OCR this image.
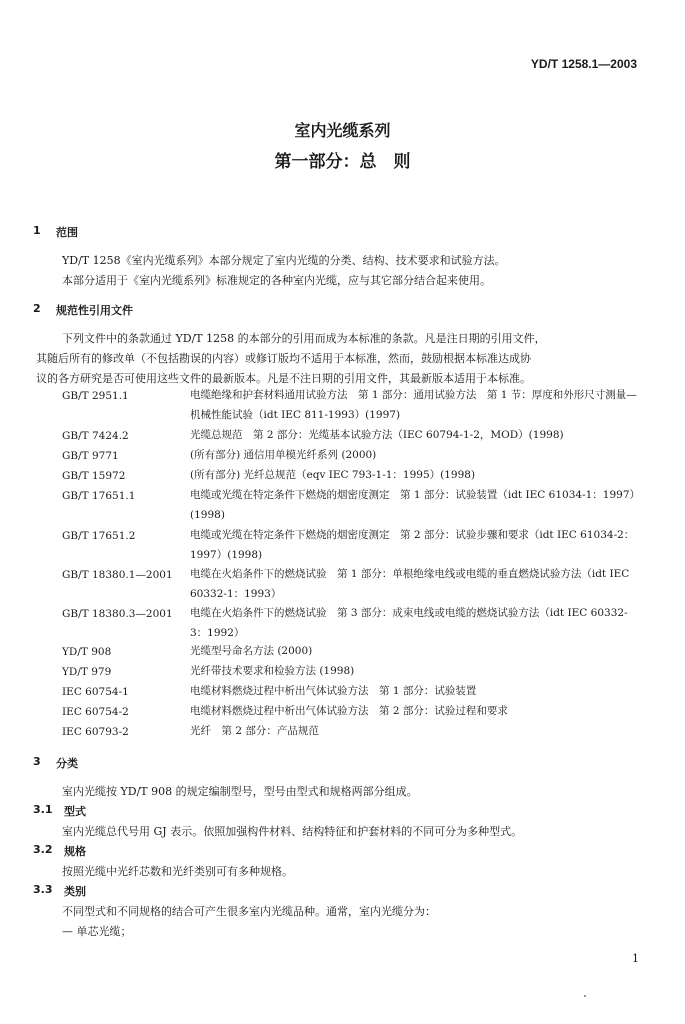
YD/T 1258.1—2003
室内光缆系列
第一部分：总　则
1 范围
YD/T 1258《室内光缆系列》本部分规定了室内光缆的分类、结构、技术要求和试验方法。
本部分适用于《室内光缆系列》标准规定的各种室内光缆，应与其它部分结合起来使用。
2 规范性引用文件
下列文件中的条款通过 YD/T 1258 的本部分的引用而成为本标准的条款。凡是注日期的引用文件，
其随后所有的修改单（不包括勘误的内容）或修订版均不适用于本标准，然而，鼓励根据本标准达成协
议的各方研究是否可使用这些文件的最新版本。凡是不注日期的引用文件，其最新版本适用于本标准。
GB/T 2951.1	电缆绝缘和护套材料通用试验方法　第 1 部分：通用试验方法　第 1 节：厚度和外形尺寸测量—机械性能试验（idt IEC 811-1993）(1997)
GB/T 7424.2	光缆总规范　第 2 部分：光缆基本试验方法（IEC 60794-1-2，MOD）(1998)
GB/T 9771	(所有部分) 通信用单模光纤系列 (2000)
GB/T 15972	(所有部分) 光纤总规范（eqv IEC 793-1-1：1995）(1998)
GB/T 17651.1	电缆或光缆在特定条件下燃烧的烟密度测定　第 1 部分：试验装置（idt IEC 61034-1：1997）(1998)
GB/T 17651.2	电缆或光缆在特定条件下燃烧的烟密度测定　第 2 部分：试验步骤和要求（idt IEC 61034-2：1997）(1998)
GB/T 18380.1—2001 电缆在火焰条件下的燃烧试验　第 1 部分：单根绝缘电线或电缆的垂直燃烧试验方法（idt IEC 60332-1：1993）
GB/T 18380.3—2001 电缆在火焰条件下的燃烧试验　第 3 部分：成束电线或电缆的燃烧试验方法（idt IEC 60332-3：1992）
YD/T 908	光缆型号命名方法 (2000)
YD/T 979	光纤带技术要求和检验方法 (1998)
IEC 60754-1	电缆材料燃烧过程中析出气体试验方法　第 1 部分：试验装置
IEC 60754-2	电缆材料燃烧过程中析出气体试验方法　第 2 部分：试验过程和要求
IEC 60793-2	光纤　第 2 部分：产品规范
3 分类
室内光缆按 YD/T 908 的规定编制型号，型号由型式和规格两部分组成。
3.1 型式
室内光缆总代号用 GJ 表示。依照加强构件材料、结构特征和护套材料的不同可分为多种型式。
3.2 规格
按照光缆中光纤芯数和光纤类别可有多种规格。
3.3 类别
不同型式和不同规格的结合可产生很多室内光缆品种。通常，室内光缆分为：
— 单芯光缆；
1
